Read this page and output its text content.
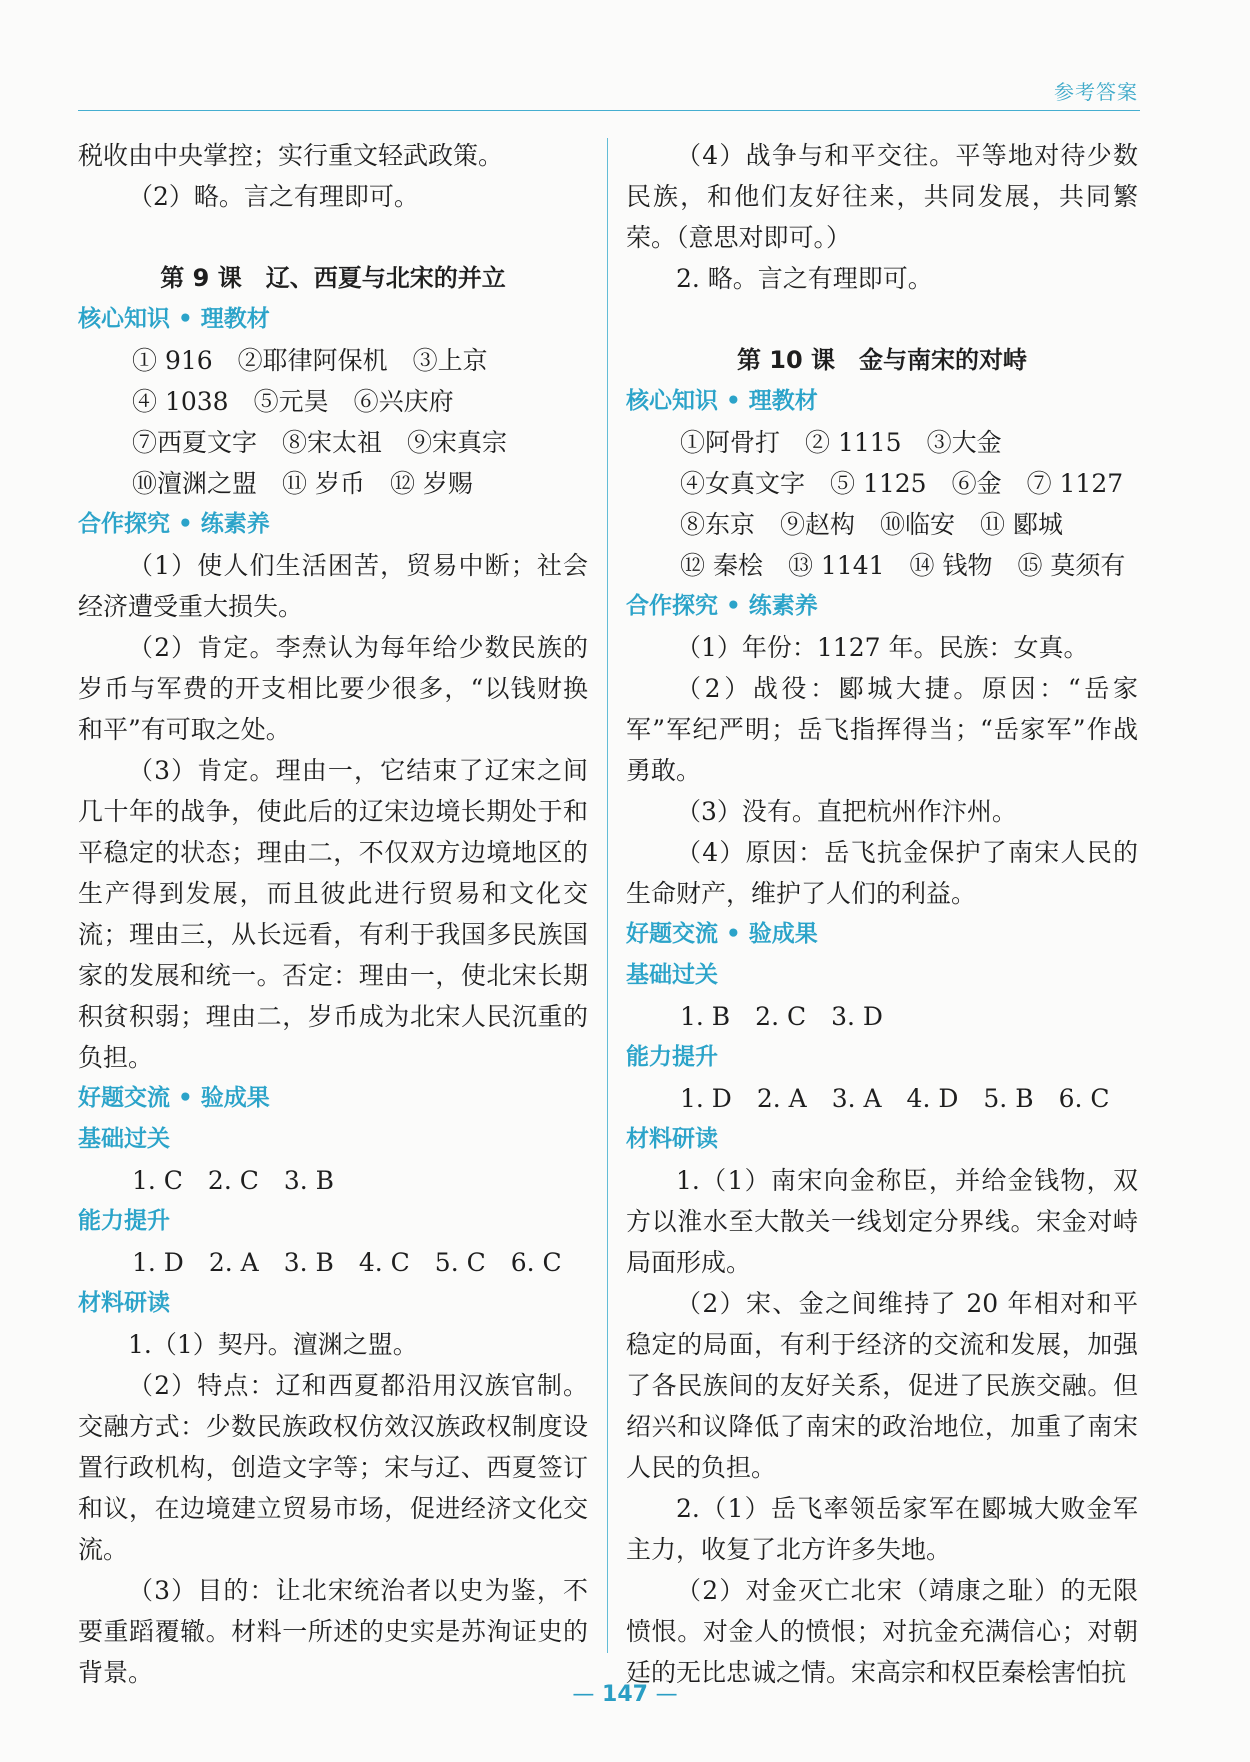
参考答案

税收由中央掌控；实行重文轻武政策。

（2）略。言之有理即可。

第 9 课　辽、西夏与北宋的并立

核心知识 • 理教材

① 916　②耶律阿保机　③上京

④ 1038　⑤元昊　⑥兴庆府

⑦西夏文字　⑧宋太祖　⑨宋真宗

⑩澶渊之盟　⑪ 岁币　⑫ 岁赐

合作探究 • 练素养

（1）使人们生活困苦，贸易中断；社会经济遭受重大损失。

（2）肯定。李焘认为每年给少数民族的岁币与军费的开支相比要少很多，“以钱财换和平”有可取之处。

（3）肯定。理由一，它结束了辽宋之间几十年的战争，使此后的辽宋边境长期处于和平稳定的状态；理由二，不仅双方边境地区的生产得到发展，而且彼此进行贸易和文化交流；理由三，从长远看，有利于我国多民族国家的发展和统一。否定：理由一，使北宋长期积贫积弱；理由二，岁币成为北宋人民沉重的负担。

好题交流 • 验成果

基础过关

1. C　2. C　3. B

能力提升

1. D　2. A　3. B　4. C　5. C　6. C

材料研读

1.（1）契丹。澶渊之盟。

（2）特点：辽和西夏都沿用汉族官制。交融方式：少数民族政权仿效汉族政权制度设置行政机构，创造文字等；宋与辽、西夏签订和议，在边境建立贸易市场，促进经济文化交流。

（3）目的：让北宋统治者以史为鉴，不要重蹈覆辙。材料一所述的史实是苏洵证史的背景。

（4）战争与和平交往。平等地对待少数民族，和他们友好往来，共同发展，共同繁荣。（意思对即可。）

2. 略。言之有理即可。

第 10 课　金与南宋的对峙

核心知识 • 理教材

①阿骨打　② 1115　③大金

④女真文字　⑤ 1125　⑥金　⑦ 1127

⑧东京　⑨赵构　⑩临安　⑪ 郾城

⑫ 秦桧　⑬ 1141　⑭ 钱物　⑮ 莫须有

合作探究 • 练素养

（1）年份：1127 年。民族：女真。

（2）战役：郾城大捷。原因：“岳家军”军纪严明；岳飞指挥得当；“岳家军”作战勇敢。

（3）没有。直把杭州作汴州。

（4）原因：岳飞抗金保护了南宋人民的生命财产，维护了人们的利益。

好题交流 • 验成果

基础过关

1. B　2. C　3. D

能力提升

1. D　2. A　3. A　4. D　5. B　6. C

材料研读

1.（1）南宋向金称臣，并给金钱物，双方以淮水至大散关一线划定分界线。宋金对峙局面形成。

（2）宋、金之间维持了 20 年相对和平稳定的局面，有利于经济的交流和发展，加强了各民族间的友好关系，促进了民族交融。但绍兴和议降低了南宋的政治地位，加重了南宋人民的负担。

2.（1）岳飞率领岳家军在郾城大败金军主力，收复了北方许多失地。

（2）对金灭亡北宋（靖康之耻）的无限愤恨。对金人的愤恨；对抗金充满信心；对朝廷的无比忠诚之情。宋高宗和权臣秦桧害怕抗

— 147 —
